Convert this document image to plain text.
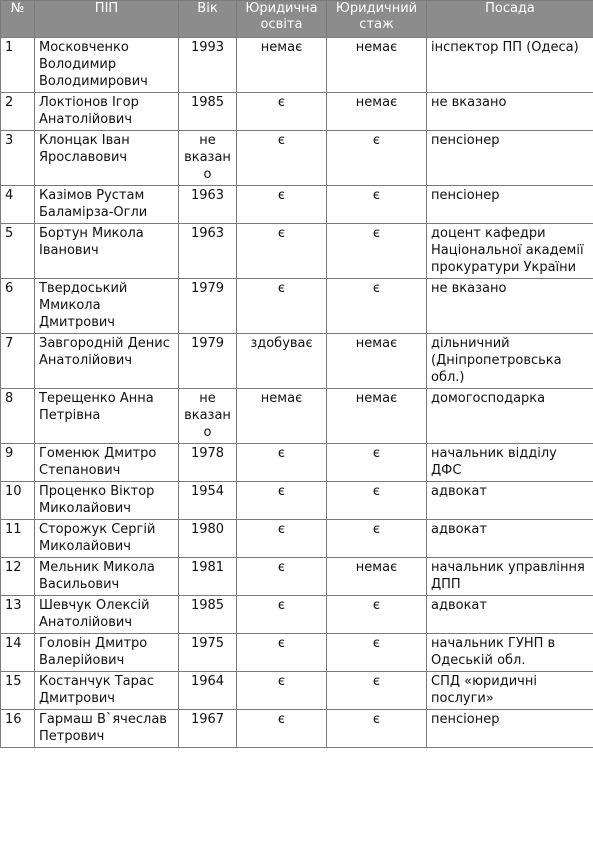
№	ПІП	Вік	Юридична освіта	Юридичний стаж	Посада
1	Московченко Володимир Володимирович	1993	немає	немає	інспектор ПП (Одеса)
2	Локтіонов Ігор Анатолійович	1985	є	немає	не вказано
3	Клонцак Іван Ярославович	не вказано	є	є	пенсіонер
4	Казімов Рустам Баламірза-Огли	1963	є	є	пенсіонер
5	Бортун Микола Іванович	1963	є	є	доцент кафедри Національної академії прокуратури України
6	Твердоський Ммикола Дмитрович	1979	є	є	не вказано
7	Завгородній Денис Анатолійович	1979	здобуває	немає	дільничний (Дніпропетровська обл.)
8	Терещенко Анна Петрівна	не вказано	немає	немає	домогосподарка
9	Гоменюк Дмитро Степанович	1978	є	є	начальник відділу ДФС
10	Проценко Віктор Миколайович	1954	є	є	адвокат
11	Сторожук Сергій Миколайович	1980	є	є	адвокат
12	Мельник Микола Васильович	1981	є	немає	начальник управління ДПП
13	Шевчук Олексій Анатолійович	1985	є	є	адвокат
14	Головін Дмитро Валерійович	1975	є	є	начальник ГУНП в Одеській обл.
15	Костанчук Тарас Дмитрович	1964	є	є	СПД «юридичні послуги»
16	Гармаш В`ячеслав Петрович	1967	є	є	пенсіонер
